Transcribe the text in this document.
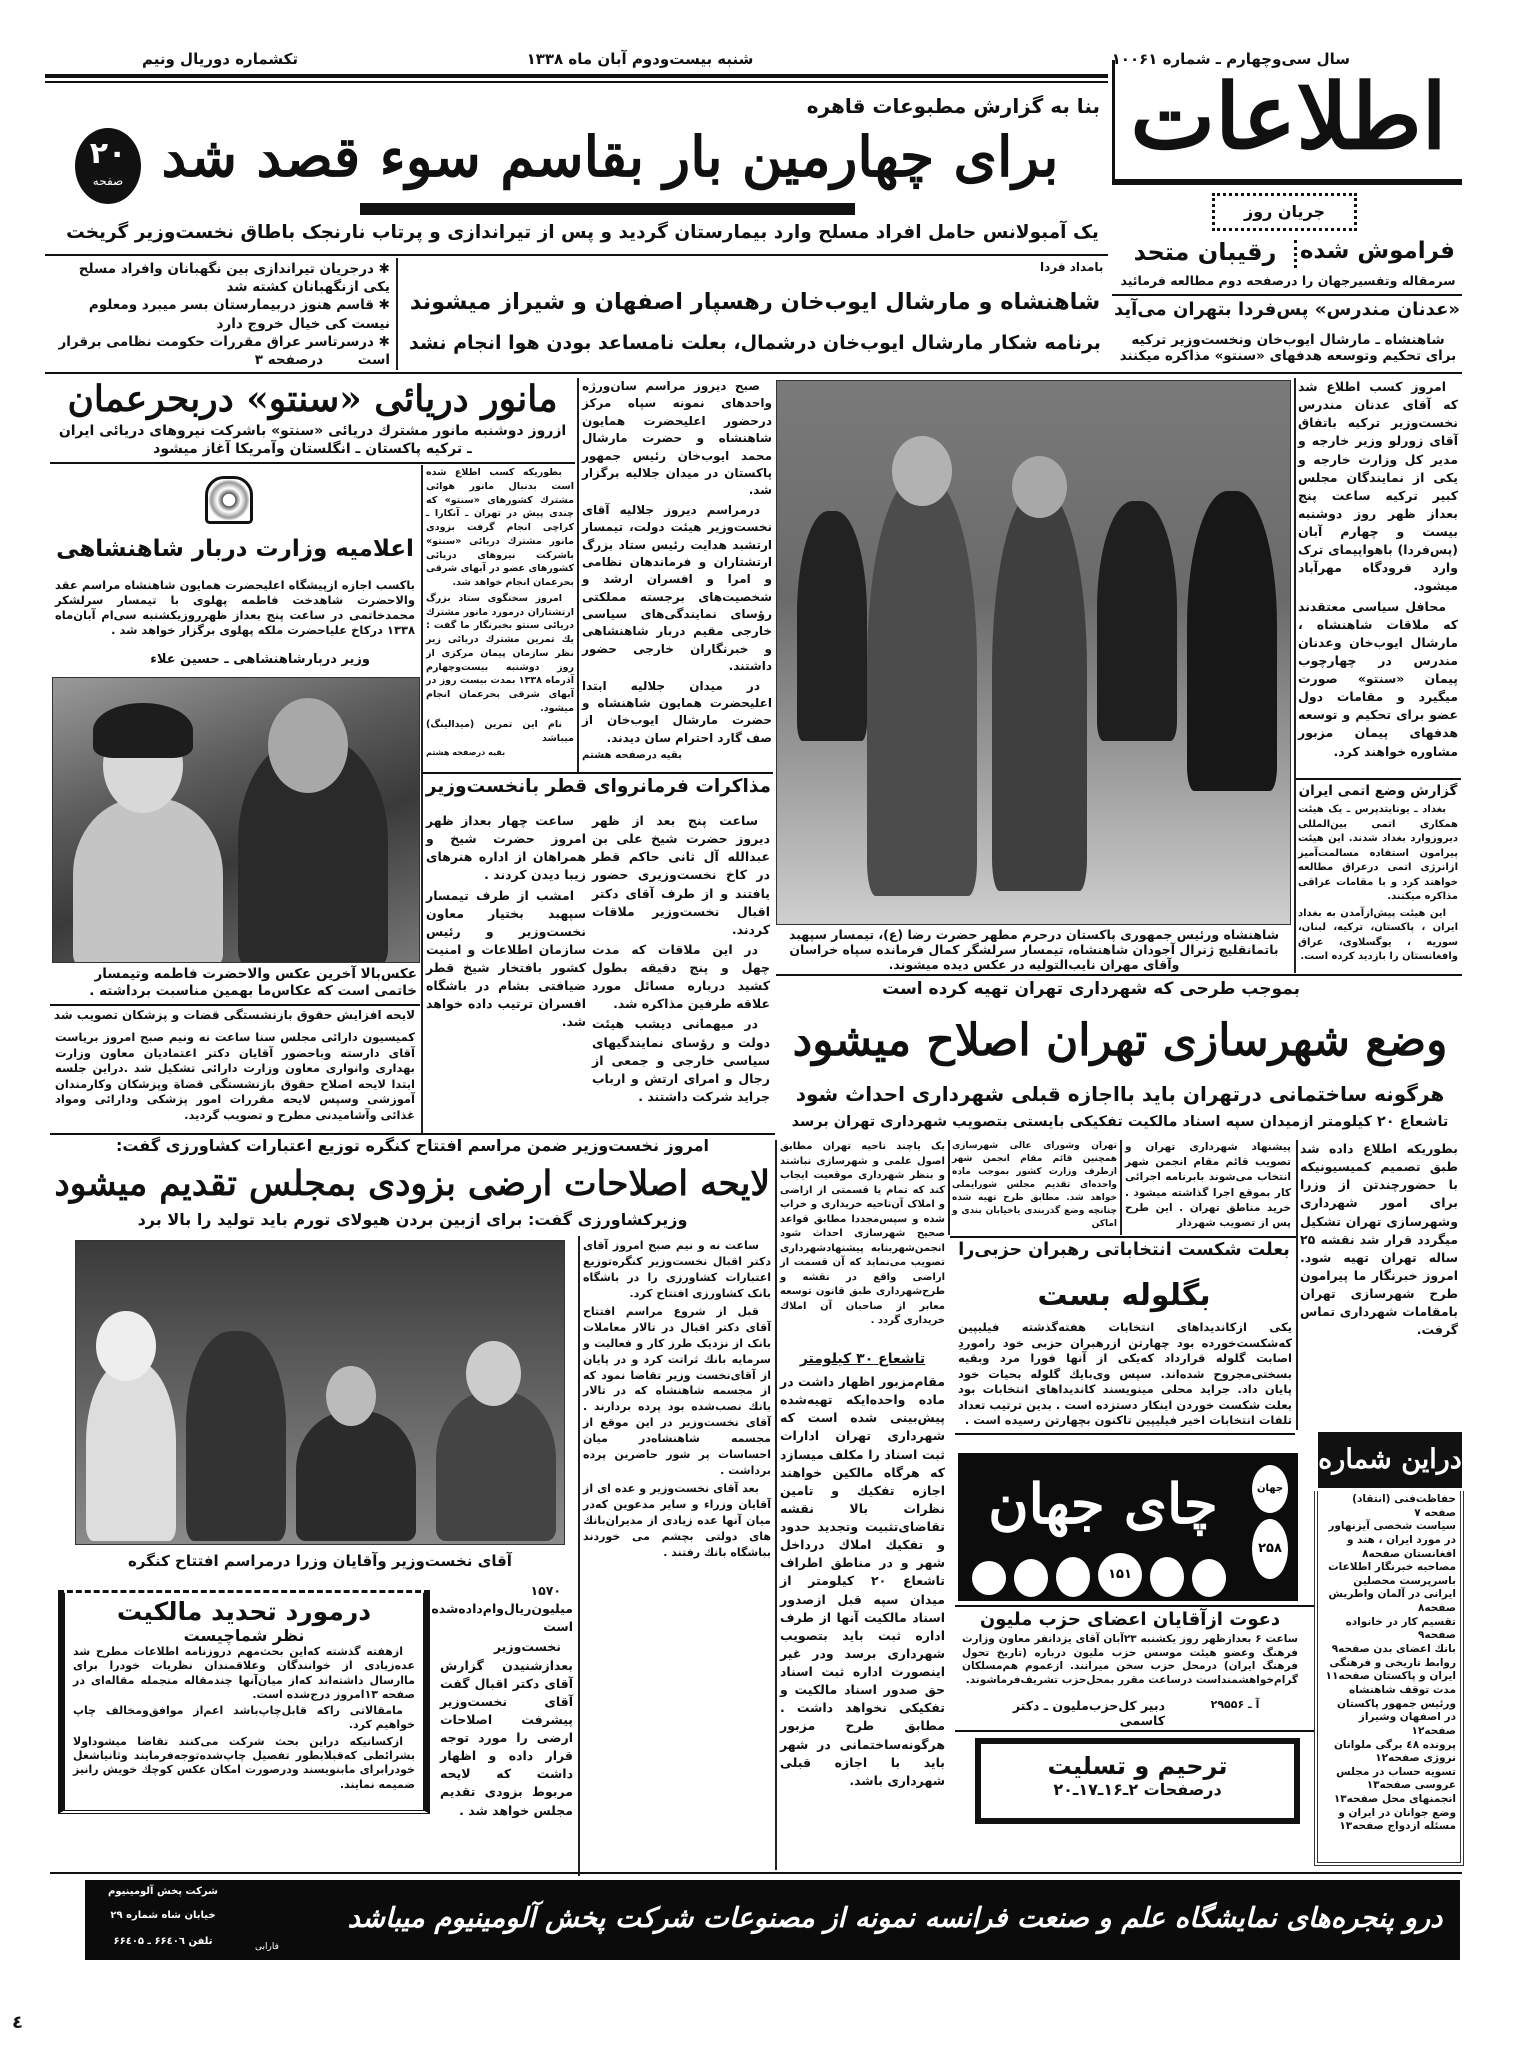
سال سی‌وچهارم ـ شماره ۱۰۰۶۱
شنبه بیست‌ودوم آبان ماه ۱۳۳۸
تکشماره دوریال ونیم
اطلاعات
۲۰
صفحه
بنا به گزارش مطبوعات قاهره
برای چهارمین بار بقاسم سوء قصد شد
یک آمبولانس حامل افراد مسلح وارد بیمارستان گردید و پس از تیراندازی و پرتاب نارنجک باطاق نخست‌وزیر گریخت
✱ درجریان تیراندازی بین نگهبانان وافراد مسلح یکی ازنگهبانان کشته شد
✱ قاسم هنوز دربیمارستان بسر میبرد ومعلوم نیست کی خیال خروج دارد
✱ درسرتاسر عراق مقررات حکومت نظامی برقرار است درصفحه ۳
بامداد فردا
شاهنشاه و مارشال ایوب‌خان رهسپار اصفهان و شیراز میشوند
برنامه شکار مارشال ایوب‌خان درشمال، بعلت نامساعد بودن هوا انجام نشد
جریان روز
فراموش شده
رقیبان متحد
سرمقاله وتفسیرجهان را درصفحه دوم مطالعه فرمائید
«عدنان مندرس» پس‌فردا بتهران می‌آید
شاهنشاه ـ مارشال ایوب‌خان ونخست‌وزیر ترکیه برای تحکیم وتوسعه هدفهای «سنتو» مذاکره میکنند
مانور دریائی «سنتو» دربحرعمان
ازروز دوشنبه مانور مشترك دریائی «سنتو» باشرکت نیروهای دریائی ایران ـ ترکیه پاکستان ـ انگلستان وآمریکا آغاز میشود
اعلامیه وزارت دربار شاهنشاهی
باکسب اجازه ازپیشگاه اعلیحضرت همایون شاهنشاه مراسم عقد والاحضرت شاهدخت فاطمه پهلوی با تیمسار سرلشکر محمدخاتمی در ساعت پنج بعداز ظهرروزیکشنبه سی‌ام آبان‌ماه ۱۳۳۸ درکاخ علیاحضرت ملکه پهلوی برگزار خواهد شد .
وزیر دربارشاهنشاهی ـ حسین علاء
عکس‌بالا آخرین عکس والاحضرت فاطمه وتیمسار خاتمی است که عکاس‌ما بهمین مناسبت برداشته .

بطوریکه کسب اطلاع شده است بدنبال مانور هوائی مشترك کشورهای «سنتو» که چندی پیش در تهران ـ آنکارا ـ کراچی انجام گرفت بزودی مانور مشترك دریائی «سنتو» باشرکت نیروهای دریائی کشورهای عضو در آبهای شرقی بحرعمان انجام خواهد شد.

امروز سخنگوی ستاد بزرگ ارتشتاران درمورد مانور مشترك دریائی سنتو بخبرنگار ما گفت : یك تمرین مشترك دریائی زیر نظر سازمان پیمان مرکزی از روز دوشنبه بیست‌وچهارم آذرماه ۱۳۳۸ بمدت بیست روز در آبهای شرقی بحرعمان انجام میشود.

نام این تمرین (میدالینگ) میباشد

بقیه درصفحه هشتم

صبح دیروز مراسم سان‌ورژه واحدهای نمونه سپاه مرکز درحضور اعلیحضرت همایون شاهنشاه و حضرت مارشال محمد ایوب‌خان رئیس جمهور پاکستان در میدان جلالیه برگزار شد.

درمراسم دیروز جلالیه آقای نخست‌وزیر هیئت دولت، تیمسار ارتشبد هدایت رئیس ستاد بزرگ ارتشتاران و فرماندهان نظامی و امرا و افسران ارشد و شخصیت‌های برجسته مملکتی رؤسای نمایندگی‌های سیاسی خارجی مقیم دربار شاهنشاهی و خبرنگاران خارجی حضور داشتند.

در میدان جلالیه ابتدا اعلیحضرت همایون شاهنشاه و حضرت مارشال ایوب‌خان از صف گارد احترام سان دیدند.

بقیه درصفحه هشتم

مذاکرات فرمانروای قطر بانخست‌وزیر

ساعت چهار بعداز ظهر امروز حضرت شیخ و همراهان از اداره هنرهای زیبا دیدن کردند .

امشب از طرف تیمسار سپهبد بختیار معاون نخست‌وزیر و رئیس سازمان اطلاعات و امنیت کشور بافتخار شیخ قطر ضیافتی بشام در باشگاه افسران ترتیب داده خواهد شد.

ساعت پنج بعد از ظهر دیروز حضرت شیخ علی بن عبدالله آل ثانی حاکم قطر در کاخ نخست‌وزیری حضور یافتند و از طرف آقای دکتر اقبال نخست‌وزیر ملاقات کردند.

در این ملاقات که مدت چهل و پنج دقیقه بطول کشید درباره مسائل مورد علاقه طرفین مذاکره شد.

در میهمانی دیشب هیئت دولت و رؤسای نمایندگیهای سیاسی خارجی و جمعی از رجال و امرای ارتش و ارباب جراید شرکت داشتند .

لایحه افزایش حقوق بازنشستگی قضات و پزشکان تصویب شد
کمیسیون دارائی مجلس سنا ساعت نه ونیم صبح امروز بریاست آقای دارسته وباحضور آقایان دکتر اعتمادیان معاون وزارت بهداری وانواری معاون وزارت دارائی تشکیل شد .دراین جلسه ابتدا لایحه اصلاح حقوق بازنشستگی قضاة وپزشکان وکارمندان آموزشی وسپس لایحه مقررات امور پزشکی ودارائی ومواد غذائی وآشامیدنی مطرح و تصویب گردید.
شاهنشاه ورئیس جمهوری پاکستان درحرم مطهر حضرت رضا (ع)، تیمسار سپهبد باتمانقلیچ ژنرال آجودان شاهنشاه، تیمسار سرلشگر کمال فرمانده سپاه خراسان وآقای مهران نایب‌التولیه در عکس دیده میشوند.

امروز کسب اطلاع شد که آقای عدنان مندرس نخست‌وزیر ترکیه باتفاق آقای زورلو وزیر خارجه و مدیر کل وزارت خارجه و یکی از نمایندگان مجلس کبیر ترکیه ساعت پنج بعداز ظهر روز دوشنبه بیست و چهارم آبان (پس‌فردا) باهواپیمای ترک وارد فرودگاه مهرآباد میشود.

محافل سیاسی معتقدند که ملاقات شاهنشاه ، مارشال ایوب‌خان وعدنان مندرس در چهارچوب پیمان «سنتو» صورت میگیرد و مقامات دول عضو برای تحکیم و توسعه هدفهای پیمان مزبور مشاوره خواهند کرد.

گزارش وضع اتمی ایران

بغداد ـ یونایتدپرس ـ یک هیئت همکاری اتمی بین‌المللی دیروزوارد بغداد شدند. این هیئت پیرامون استفاده مسالمت‌آمیز ازانرژی اتمی درعراق مطالعه خواهند کرد و با مقامات عراقی مذاکره میکنند.

این هیئت پیش‌ازآمدن به بغداد ایران ، پاکستان، ترکیه، لبنان، سوریه ، یوگسلاوی، عراق وافغانستان را بازدید کرده است.

بموجب طرحی که شهرداری تهران تهیه کرده است
وضع شهرسازی تهران اصلاح میشود
هرگونه ساختمانی درتهران باید بااجازه قبلی شهرداری احداث شود
تاشعاع ۲۰ کیلومتر ازمیدان سپه اسناد مالکیت تفکیکی بایستی بتصویب شهرداری تهران برسد
بطوریکه اطلاع داده شد طبق تصمیم کمیسیونیکه با حضورچندتن از وزرا برای امور شهرداری وشهرسازی تهران تشکیل میگردد قرار شد نقشه ۲۵ ساله تهران تهیه شود. امروز خبرنگار ما پیرامون طرح شهرسازی تهران بامقامات شهرداری تماس گرفت.
پیشنهاد شهرداری تهران و تصویب قائم مقام انجمن شهر انتخاب می‌شوند بابرنامه اجرائی کار بموقع اجرا گذاشته میشود . خرید مناطق تهران . این طرح پس از تصویب شهردار
تهران وشورای عالی شهرسازی همچنین قائم مقام انجمن شهر ازطرف وزارت کشور بموجب ماده واحده‌ای تقدیم مجلس شورایملی خواهد شد. مطابق طرح تهیه شده چنانچه وضع گذربندی یاخیابان بندی و اماکن
یک یاچند ناحیه تهران مطابق اصول علمی و شهرسازی نباشند و بنظر شهرداری موقعیت ایجاب کند که تمام یا قسمتی از اراضی و املاک آن‌ناحیه خریداری و خراب شده و سپس‌مجددا مطابق قواعد صحیح شهرسازی احداث شود انجمن‌شهربنابه پیشنهادشهرداری تصویب می‌نماید که آن قسمت از اراضی واقع در نقشه و طرح‌شهرداری طبق قانون توسعه معابر از صاحبان آن املاك خریداری گردد .
تاشعاع ۳۰ کیلومتر
مقام‌مزبور اظهار داشت در ماده واحده‌ایکه تهیه‌شده پیش‌بینی شده است که شهرداری تهران ادارات ثبت اسناد را مکلف میسازد که هرگاه مالکین خواهند اجازه تفکیك و تامین نظرات بالا نقشه تقاضای‌تثبیت وتجدید حدود و تفکیك املاك درداخل شهر و در مناطق اطراف تاشعاع ۲۰ کیلومتر از میدان سپه قبل ازصدور اسناد مالکیت آنها از طرف اداره ثبت باید بتصویب شهرداری برسد ودر غیر اینصورت اداره ثبت اسناد حق صدور اسناد مالکیت و تفکیکی نخواهد داشت . مطابق طرح مزبور هرگونه‌ساختمانی در شهر باید با اجازه قبلی شهرداری باشد.
بعلت شکست انتخاباتی رهبران حزبی‌را
بگلوله بست
یکی ازکاندیداهای انتخابات هفته‌گذشته فیلیپین که‌شکست‌خورده بود چهارتن ازرهبران حزبی خود راموردِ اصابت گلوله قرارداد که‌یکی از آنها فورا مرد وبقیه بسختی‌مجروح شده‌اند. سپس وی‌بایك گلوله بحیات خود پایان داد. جراید محلی مینویسند کاندیداهای انتخابات بود بعلت شکست خوردن اینکار دستزده است . بدین ترتیب تعداد تلفات انتخابات اخیر فیلیپین تاکنون بچهارتن رسیده است .
چای جهان	جهان
۲۵۸
۱۵۱
دعوت ازآقایان اعضای حزب ملیون
ساعت ۶ بعدازظهر روز یکشنبه ۲۳آبان آقای یزدانفر معاون وزارت فرهنگ وعضو هیئت موسس حزب ملیون درباره (تاریخ تحول فرهنگ ایران) درمحل حزب سخن میرانند. ازعموم هم‌مسلکان گرام‌خواهشمنداست درساعت مقرر بمحل‌حزب تشریف‌فرماشوند.
دبیر کل‌حزب‌ملیون ـ دکتر کاسمی
آ ـ ۲۹۵۵۶
ترحیم و تسلیت
درصفحات ۲ـ۱۶ـ۱۷ـ۲۰
دراین شماره
حفاظت‌فنی (انتقاد) صفحه ۷
سیاست شخصی آیزنهاور در مورد ایران ، هند و افغانستان صفحه۸
مصاحبه خبرنگار اطلاعات باسرپرست محصلین ایرانی در آلمان واطریش صفحه۸
تقسیم کار در خانواده صفحه۹
بانك اعضای بدن صفحه۹
روابط تاریخی و فرهنگی ایران و پاکستان صفحه۱۱
مدت توقف شاهنشاه ورئیس جمهور پاکستان در اصفهان وشیراز صفحه۱۲
پرونده ٤٨ برگی ملوانان نروژی صفحه۱۲
تسویه حساب در مجلس عروسی صفحه۱۳
انجمنهای محل صفحه۱۳
وضع جوانان در ایران و مسئله ازدواج صفحه۱۳
امروز نخست‌وزیر ضمن مراسم افتتاح کنگره توزیع اعتبارات کشاورزی گفت:
لایحه اصلاحات ارضی بزودی بمجلس تقدیم میشود
وزیرکشاورزی گفت: برای ازبین بردن هیولای تورم باید تولید را بالا برد
آقای نخست‌وزیر وآقایان وزرا درمراسم افتتاح کنگره

ساعت نه و نیم صبح امروز آقای دکتر اقبال نخست‌وزیر کنگره‌توزیع اعتبارات کشاورزی را در باشگاه بانک کشاورزی افتتاح کرد.

قبل از شروع مراسم افتتاح آقای دکتر اقبال در تالار معاملات بانک از نزدیک طرز کار و فعالیت و سرمایه بانك ثراتت کرد و در پایان از آقای‌نخست وزیر تقاضا نمود که از مجسمه شاهنشاه که در تالار بانك نصب‌شده بود پرده بردارند . آقای نخست‌وزیر در این موقع از مجسمه شاهنشاه‌در میان احساسات پر شور حاضرین پرده برداشت .

بعد آقای نخست‌وزیر و عده ای از آقایان وزراء و سایر مدعوین که‌در میان آنها عده زیادی از مدیران‌بانك های دولتی بچشم می خوردند بباشگاه بانك رفتند .

۱۵۷۰ میلیون‌ریال‌وام‌داده‌شده است

نخست‌وزیر بعدازشنیدن گزارش آقای دکتر اقبال گفت آقای نخست‌وزیر پیشرفت اصلاحات ارضی را مورد توجه قرار داده و اظهار داشت که لایحه مربوط بزودی تقدیم مجلس خواهد شد .

درمورد تحدید مالکیت
نظر شماچیست

ازهفته گذشته که‌این بحث‌مهم دروزنامه اطلاعات مطرح شد عده‌زیادی از خوانندگان وعلاقمندان نظریات خودرا برای ماارسال داشته‌اند که‌از میان‌آنها چندمقاله منجمله مقاله‌ای در صفحه ۱۳امروز درج‌شده است.

مامقالاتی راکه قابل‌چاپ‌باشد اعم‌از موافق‌ومخالف چاپ خواهیم کرد.

ازکسانیکه دراین بحث شرکت می‌کنند تقاضا میشوداولا بشرائطی که‌قبلا‌بطور تفصیل چاپ‌شده‌توجه‌فرمایند وثانیاشغل خودرابرای مابنویسند ودرصورت امکان عکس کوچك خویش رانیز ضمیمه نمایند.

درو پنجره‌های نمایشگاه علم و صنعت فرانسه نمونه‌ از مصنوعات شرکت پخش آلومینیوم میباشد
شرکت پخش آلومینیوم
خیابان شاه شماره ۲۹
تلفن ۶۶٤۰٦ ـ ۶۶٤۰۵	فارابی
٤
